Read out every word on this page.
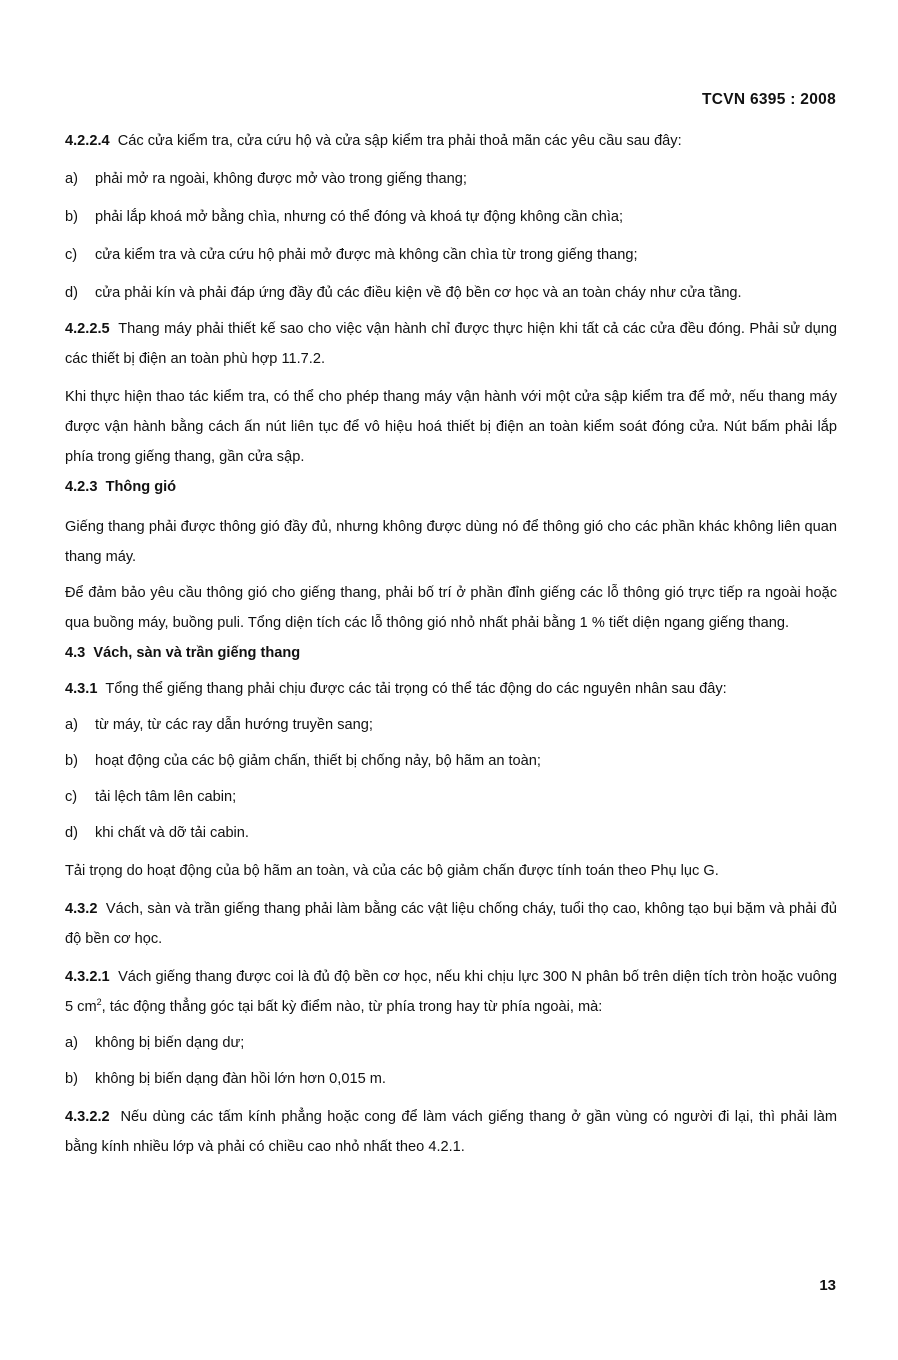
TCVN 6395 : 2008

4.2.2.4 Các cửa kiểm tra, cửa cứu hộ và cửa sập kiểm tra phải thoả mãn các yêu cầu sau đây:

a)	phải mở ra ngoài, không được mở vào trong giếng thang;
b)	phải lắp khoá mở bằng chìa, nhưng có thể đóng và khoá tự động không cần chìa;
c)	cửa kiểm tra và cửa cứu hộ phải mở được mà không cần chìa từ trong giếng thang;
d)	cửa phải kín và phải đáp ứng đầy đủ các điều kiện về độ bền cơ học và an toàn cháy như cửa tầng.

4.2.2.5 Thang máy phải thiết kế sao cho việc vận hành chỉ được thực hiện khi tất cả các cửa đều đóng. Phải sử dụng các thiết bị điện an toàn phù hợp 11.7.2.

Khi thực hiện thao tác kiểm tra, có thể cho phép thang máy vận hành với một cửa sập kiểm tra để mở, nếu thang máy được vận hành bằng cách ấn nút liên tục để vô hiệu hoá thiết bị điện an toàn kiểm soát đóng cửa. Nút bấm phải lắp phía trong giếng thang, gần cửa sập.

4.2.3 Thông gió

Giếng thang phải được thông gió đầy đủ, nhưng không được dùng nó để thông gió cho các phần khác không liên quan thang máy.

Để đảm bảo yêu cầu thông gió cho giếng thang, phải bố trí ở phần đỉnh giếng các lỗ thông gió trực tiếp ra ngoài hoặc qua buồng máy, buồng puli. Tổng diện tích các lỗ thông gió nhỏ nhất phải bằng 1 % tiết diện ngang giếng thang.

4.3 Vách, sàn và trần giếng thang

4.3.1 Tổng thể giếng thang phải chịu được các tải trọng có thể tác động do các nguyên nhân sau đây:

a)	từ máy, từ các ray dẫn hướng truyền sang;
b)	hoạt động của các bộ giảm chấn, thiết bị chống nảy, bộ hãm an toàn;
c)	tải lệch tâm lên cabin;
d)	khi chất và dỡ tải cabin.

Tải trọng do hoạt động của bộ hãm an toàn, và của các bộ giảm chấn được tính toán theo Phụ lục G.

4.3.2 Vách, sàn và trần giếng thang phải làm bằng các vật liệu chống cháy, tuổi thọ cao, không tạo bụi bặm và phải đủ độ bền cơ học.

4.3.2.1 Vách giếng thang được coi là đủ độ bền cơ học, nếu khi chịu lực 300 N phân bố trên diện tích tròn hoặc vuông 5 $cm^2$, tác động thẳng góc tại bất kỳ điểm nào, từ phía trong hay từ phía ngoài, mà:

a)	không bị biến dạng dư;
b)	không bị biến dạng đàn hồi lớn hơn 0,015 m.

4.3.2.2 Nếu dùng các tấm kính phẳng hoặc cong để làm vách giếng thang ở gần vùng có người đi lại, thì phải làm bằng kính nhiều lớp và phải có chiều cao nhỏ nhất theo 4.2.1.

13
